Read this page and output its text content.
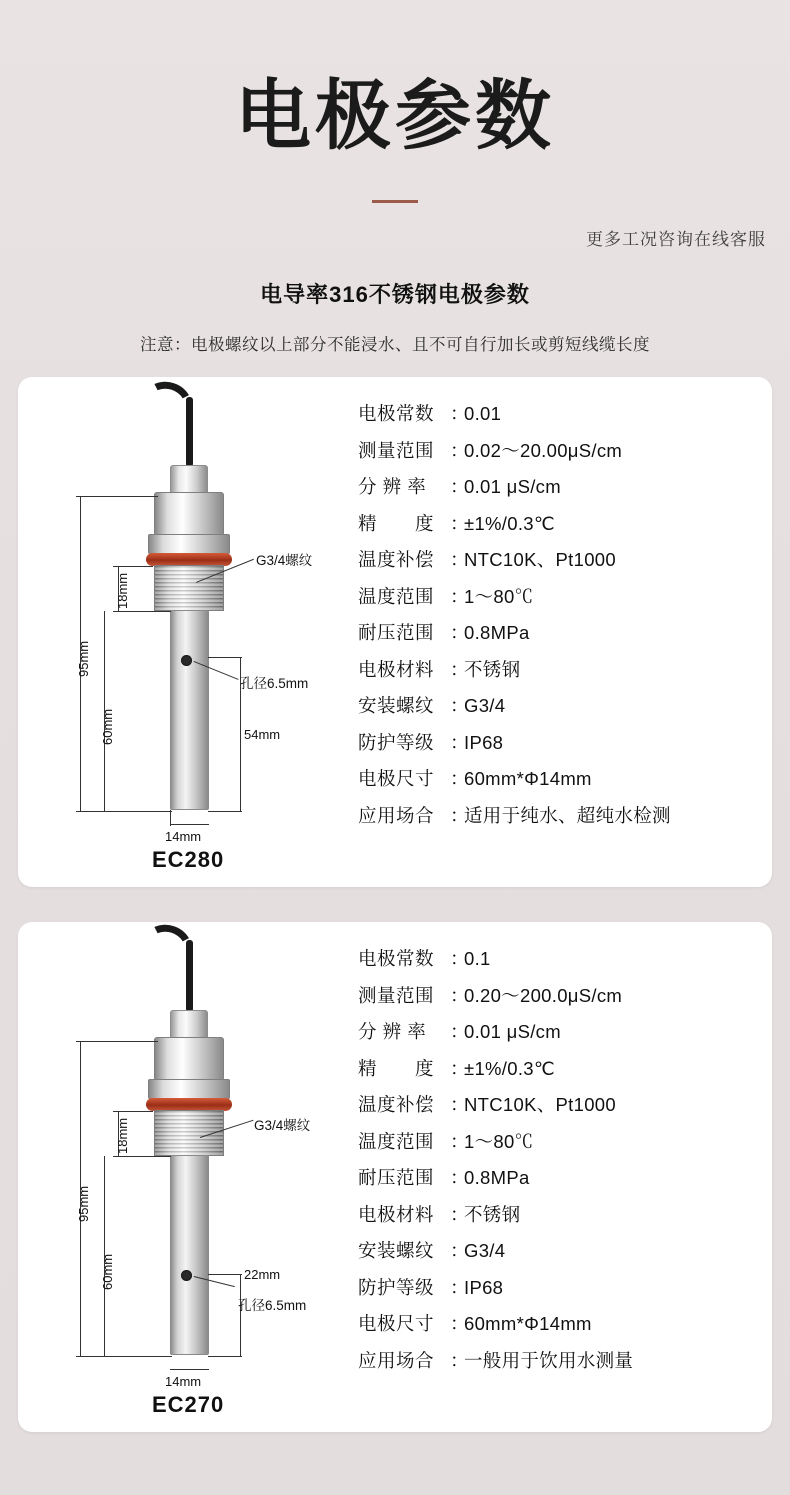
电极参数
更多工况咨询在线客服
电导率316不锈钢电极参数
注意：电极螺纹以上部分不能浸水、且不可自行加长或剪短线缆长度
18mm
95mm
60mm	54mm
14mm
G3/4螺纹
孔径6.5mm
EC280
电极常数 ：
0.01
测量范围 ：
0.02～20.00μS/cm
分 辨 率	：
0.01 μS/cm
精　　度 ：
±1%/0.3℃
温度补偿 ：
NTC10K、Pt1000
温度范围 ：
1～80℃
耐压范围 ：
0.8MPa
电极材料 ：
不锈钢
安装螺纹 ：
G3/4
防护等级 ：
IP68
电极尺寸 ：
60mm*Φ14mm
应用场合 ：
适用于纯水、超纯水检测
18mm
95mm
60mm	22mm
14mm
G3/4螺纹
孔径6.5mm
EC270
电极常数 ：
0.1
测量范围 ：
0.20～200.0μS/cm
分 辨 率	：
0.01 μS/cm
精　　度 ：
±1%/0.3℃
温度补偿 ：
NTC10K、Pt1000
温度范围 ：
1～80℃
耐压范围 ：
0.8MPa
电极材料 ：
不锈钢
安装螺纹 ：
G3/4
防护等级 ：
IP68
电极尺寸 ：
60mm*Φ14mm
应用场合 ：
一般用于饮用水测量
